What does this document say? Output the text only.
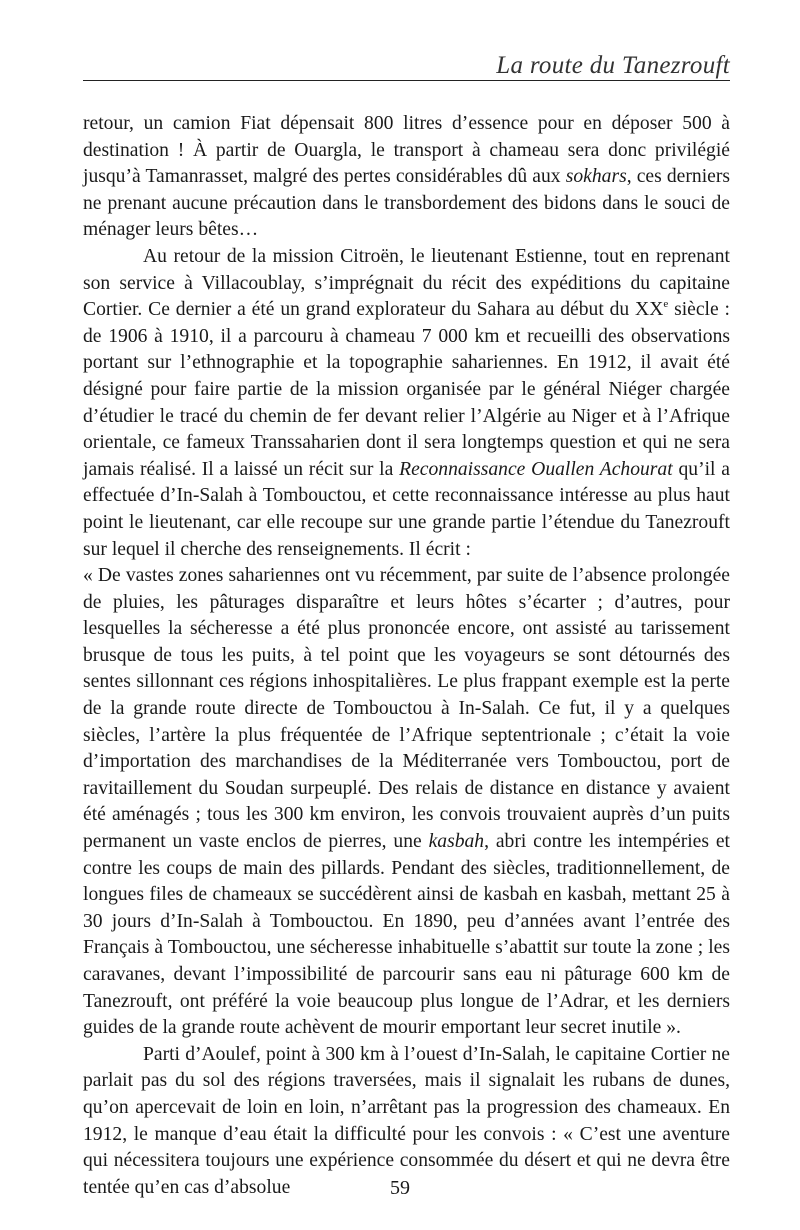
La route du Tanezrouft

retour, un camion Fiat dépensait 800 litres d’essence pour en déposer 500 à destination ! À partir de Ouargla, le transport à chameau sera donc privilégié jusqu’à Tamanrasset, malgré des pertes considérables dû aux sokhars, ces derniers ne prenant aucune précaution dans le transbordement des bidons dans le souci de ménager leurs bêtes…

Au retour de la mission Citroën, le lieutenant Estienne, tout en reprenant son service à Villacoublay, s’imprégnait du récit des expéditions du capitaine Cortier. Ce dernier a été un grand explorateur du Sahara au début du XXe siècle : de 1906 à 1910, il a parcouru à chameau 7 000 km et recueilli des observations portant sur l’ethnographie et la topographie sahariennes. En 1912, il avait été désigné pour faire partie de la mission organisée par le général Niéger chargée d’étudier le tracé du chemin de fer devant relier l’Algérie au Niger et à l’Afrique orientale, ce fameux Transsaharien dont il sera longtemps question et qui ne sera jamais réalisé. Il a laissé un récit sur la Reconnaissance Ouallen Achourat qu’il a effectuée d’In-Salah à Tombouctou, et cette reconnaissance intéresse au plus haut point le lieutenant, car elle recoupe sur une grande partie l’étendue du Tanezrouft sur lequel il cherche des renseignements. Il écrit :

« De vastes zones sahariennes ont vu récemment, par suite de l’absence prolongée de pluies, les pâturages disparaître et leurs hôtes s’écarter ; d’autres, pour lesquelles la sécheresse a été plus prononcée encore, ont assisté au tarissement brusque de tous les puits, à tel point que les voyageurs se sont détournés des sentes sillonnant ces régions inhospitalières. Le plus frappant exemple est la perte de la grande route directe de Tombouctou à In-Salah. Ce fut, il y a quelques siècles, l’artère la plus fréquentée de l’Afrique septentrionale ; c’était la voie d’importation des marchandises de la Méditerranée vers Tombouctou, port de ravitaillement du Soudan surpeuplé. Des relais de distance en distance y avaient été aménagés ; tous les 300 km environ, les convois trouvaient auprès d’un puits permanent un vaste enclos de pierres, une kasbah, abri contre les intempéries et contre les coups de main des pillards. Pendant des siècles, traditionnellement, de longues files de chameaux se succédèrent ainsi de kasbah en kasbah, mettant 25 à 30 jours d’In-Salah à Tombouctou. En 1890, peu d’années avant l’entrée des Français à Tombouctou, une sécheresse inhabituelle s’abattit sur toute la zone ; les caravanes, devant l’impossibilité de parcourir sans eau ni pâturage 600 km de Tanezrouft, ont préféré la voie beaucoup plus longue de l’Adrar, et les derniers guides de la grande route achèvent de mourir emportant leur secret inutile ».

Parti d’Aoulef, point à 300 km à l’ouest d’In-Salah, le capitaine Cortier ne parlait pas du sol des régions traversées, mais il signalait les rubans de dunes, qu’on apercevait de loin en loin, n’arrêtant pas la progression des chameaux. En 1912, le manque d’eau était la difficulté pour les convois : « C’est une aventure qui nécessitera toujours une expérience consommée du désert et qui ne devra être tentée qu’en cas d’absolue	59
